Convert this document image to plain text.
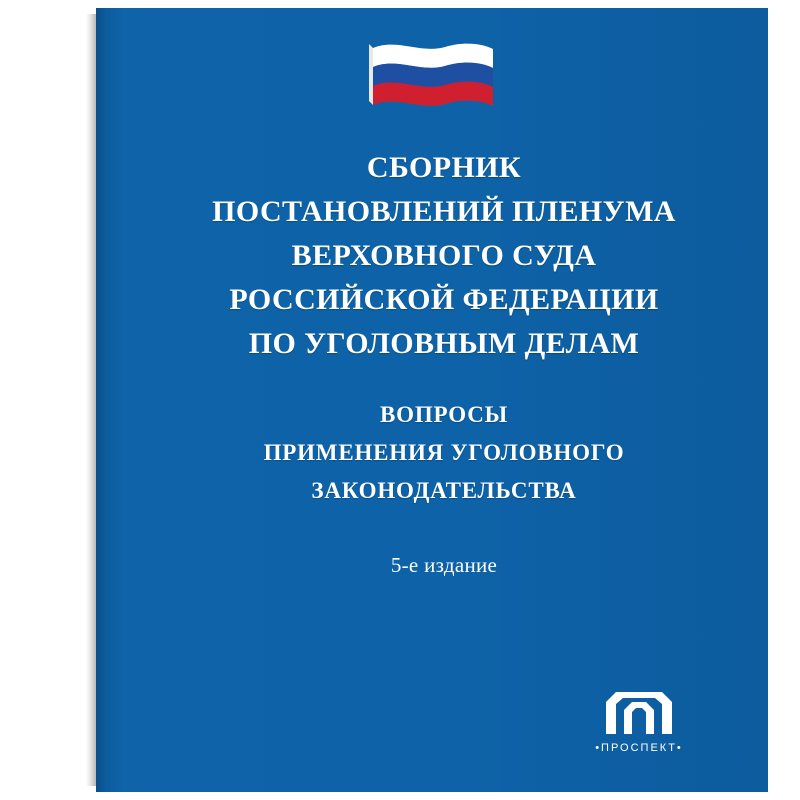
СБОРНИК
ПОСТАНОВЛЕНИЙ ПЛЕНУМА
ВЕРХОВНОГО СУДА
РОССИЙСКОЙ ФЕДЕРАЦИИ
ПО УГОЛОВНЫМ ДЕЛАМ
ВОПРОСЫ
ПРИМЕНЕНИЯ УГОЛОВНОГО
ЗАКОНОДАТЕЛЬСТВА
5-е издание
•ПРОСПЕКТ•
